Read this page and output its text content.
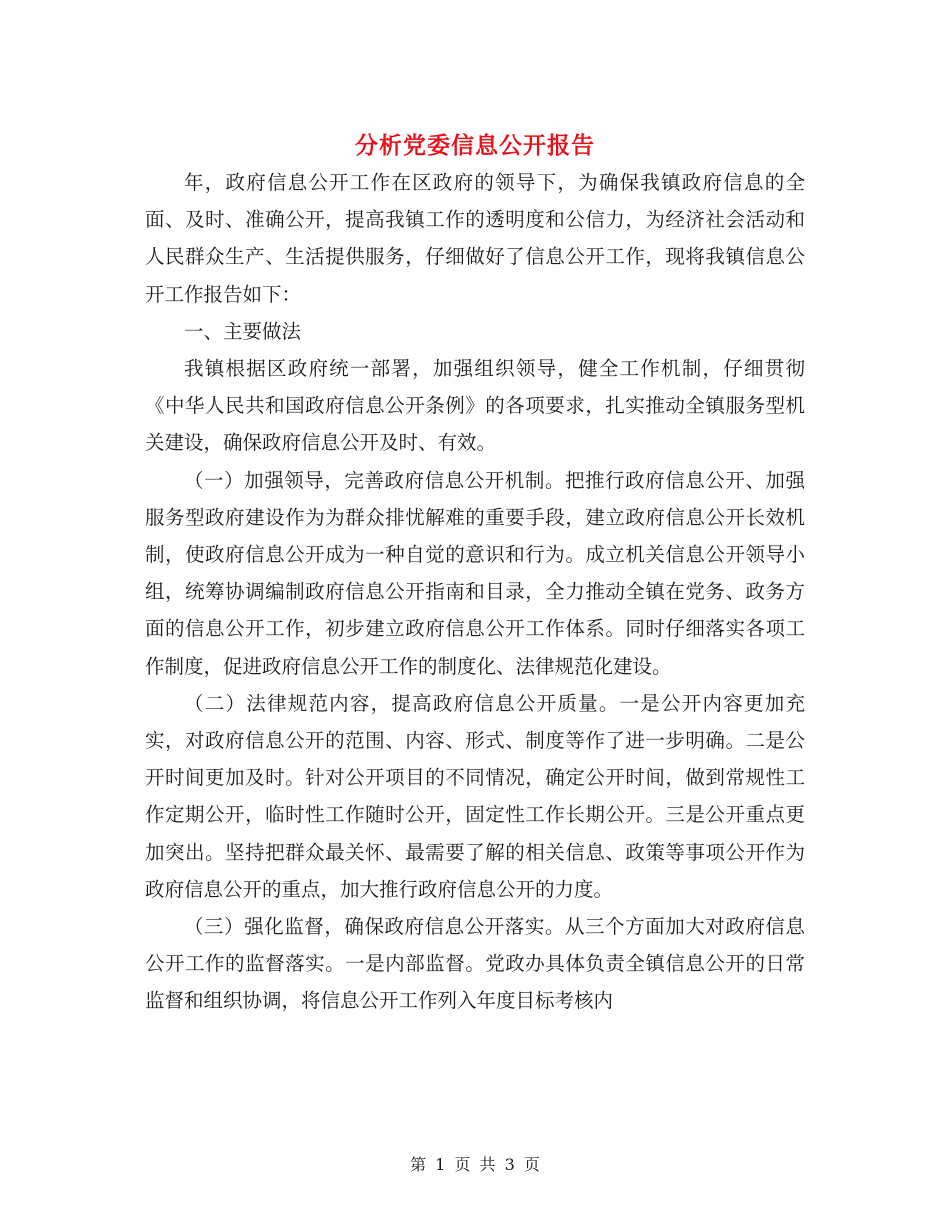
分析党委信息公开报告

年，政府信息公开工作在区政府的领导下，为确保我镇政府信息的全面、及时、准确公开，提高我镇工作的透明度和公信力，为经济社会活动和人民群众生产、生活提供服务，仔细做好了信息公开工作，现将我镇信息公开工作报告如下：

一、主要做法

我镇根据区政府统一部署，加强组织领导，健全工作机制，仔细贯彻《中华人民共和国政府信息公开条例》的各项要求，扎实推动全镇服务型机关建设，确保政府信息公开及时、有效。

（一）加强领导，完善政府信息公开机制。把推行政府信息公开、加强服务型政府建设作为为群众排忧解难的重要手段，建立政府信息公开长效机制，使政府信息公开成为一种自觉的意识和行为。成立机关信息公开领导小组，统筹协调编制政府信息公开指南和目录，全力推动全镇在党务、政务方面的信息公开工作，初步建立政府信息公开工作体系。同时仔细落实各项工作制度，促进政府信息公开工作的制度化、法律规范化建设。

（二）法律规范内容，提高政府信息公开质量。一是公开内容更加充实，对政府信息公开的范围、内容、形式、制度等作了进一步明确。二是公开时间更加及时。针对公开项目的不同情况，确定公开时间，做到常规性工作定期公开，临时性工作随时公开，固定性工作长期公开。三是公开重点更加突出。坚持把群众最关怀、最需要了解的相关信息、政策等事项公开作为政府信息公开的重点，加大推行政府信息公开的力度。

（三）强化监督，确保政府信息公开落实。从三个方面加大对政府信息公开工作的监督落实。一是内部监督。党政办具体负责全镇信息公开的日常监督和组织协调，将信息公开工作列入年度目标考核内

第 1 页 共 3 页
